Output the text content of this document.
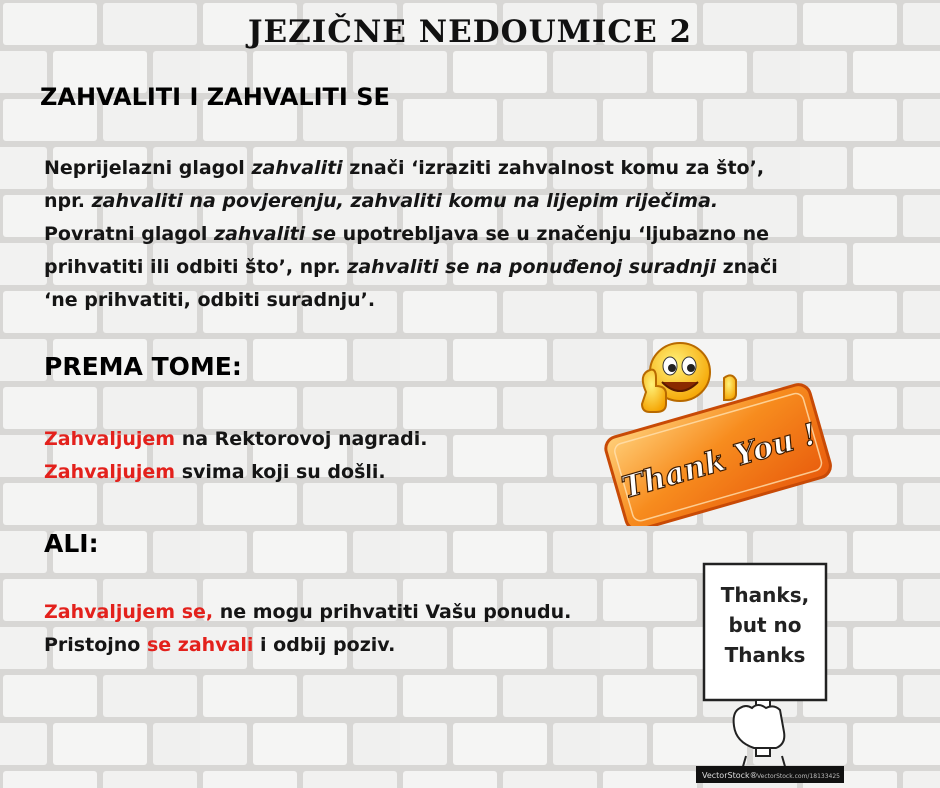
JEZIČNE NEDOUMICE 2
ZAHVALITI I ZAHVALITI SE

Neprijelazni glagol zahvaliti znači ‘izraziti zahvalnost komu za što’,

npr. zahvaliti na povjerenju, zahvaliti komu na lijepim riječima.

Povratni glagol zahvaliti se upotrebljava se u značenju ‘ljubazno ne

prihvatiti ili odbiti što’, npr. zahvaliti se na ponuđenoj suradnji znači

‘ne prihvatiti, odbiti suradnju’.

PREMA TOME:

Zahvaljujem na Rektorovoj nagradi.

Zahvaljujem svima koji su došli.

ALI:

Zahvaljujem se, ne mogu prihvatiti Vašu ponudu.

Pristojno se zahvali i odbij poziv.

Thank You !
Thanks,
but no
Thanks
VectorStock® VectorStock.com/18133425
